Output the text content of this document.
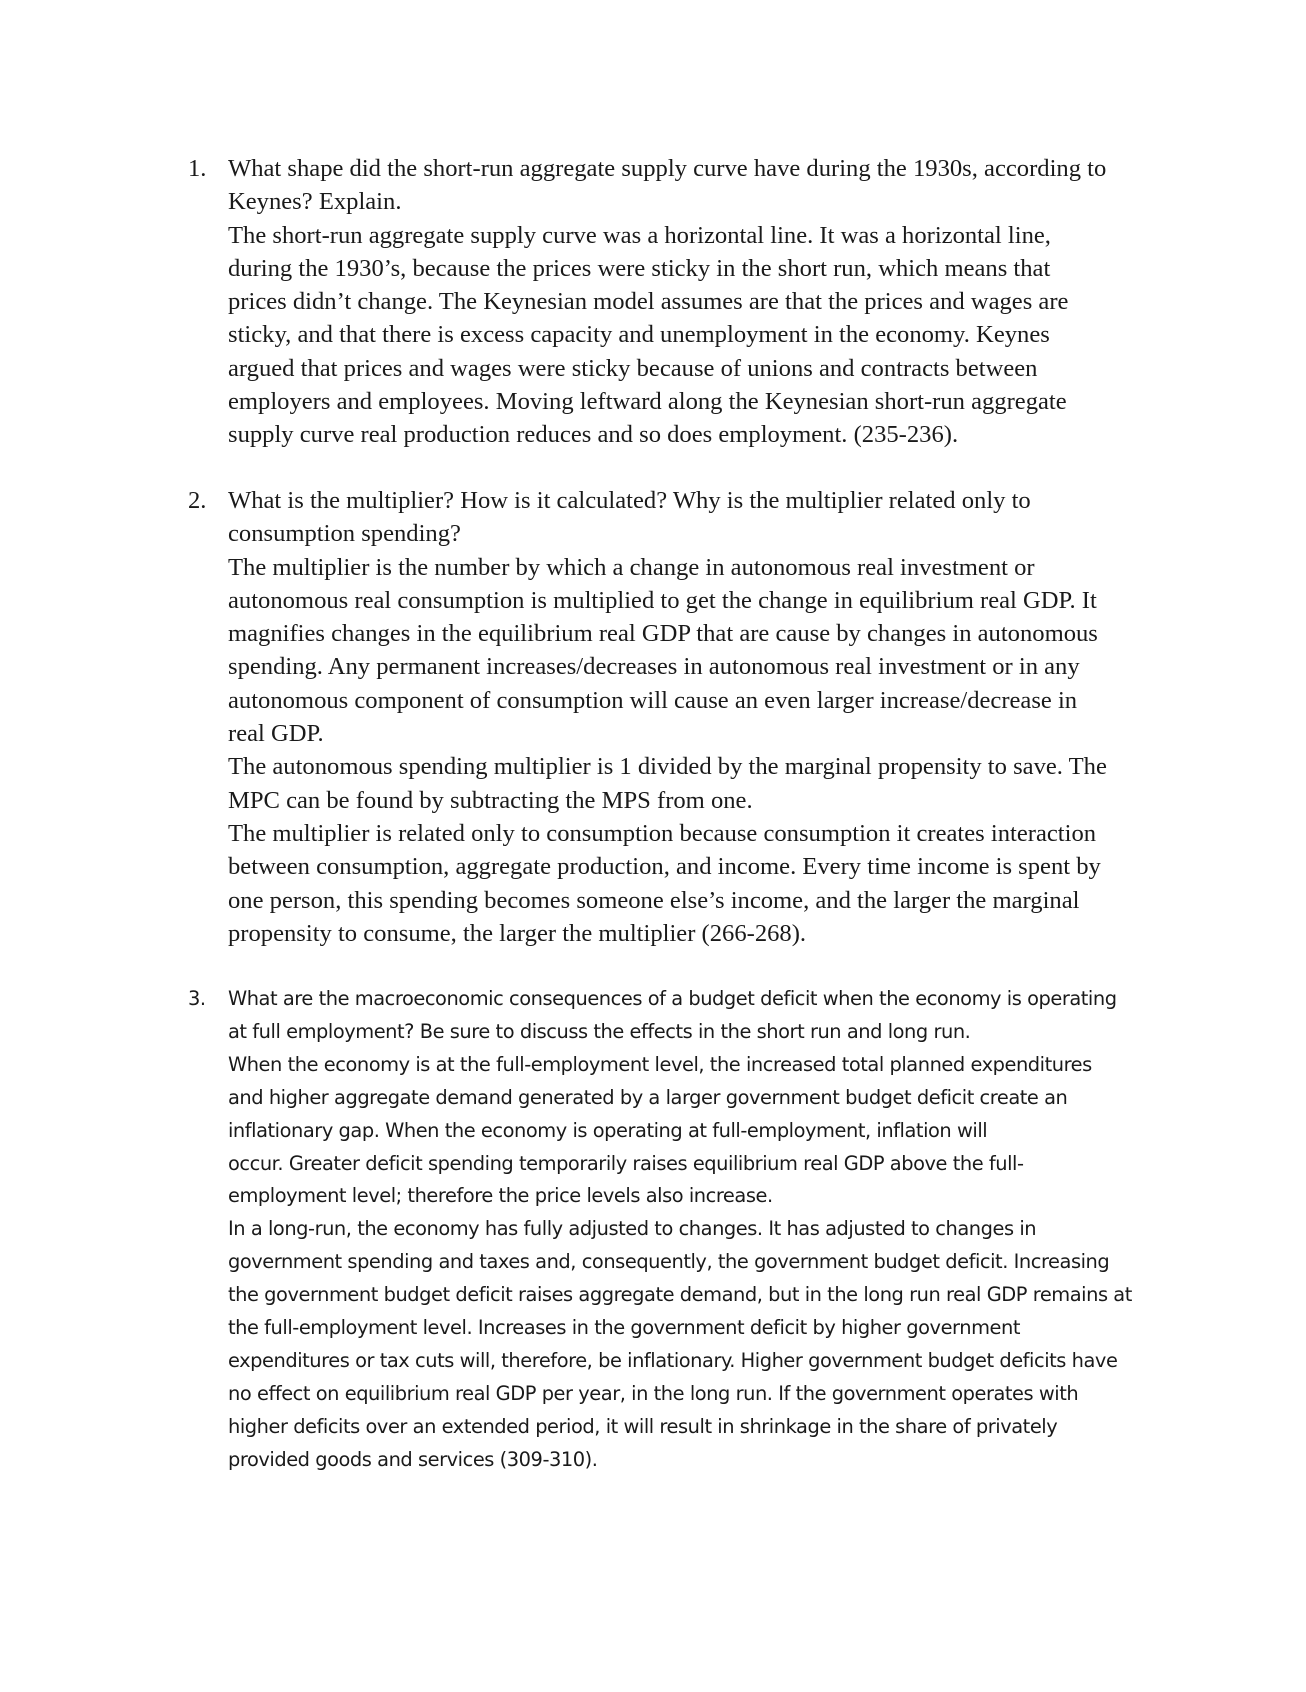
1. What shape did the short-run aggregate supply curve have during the 1930s, according to
Keynes? Explain.
The short-run aggregate supply curve was a horizontal line. It was a horizontal line,
during the 1930’s, because the prices were sticky in the short run, which means that
prices didn’t change. The Keynesian model assumes are that the prices and wages are
sticky, and that there is excess capacity and unemployment in the economy. Keynes
argued that prices and wages were sticky because of unions and contracts between
employers and employees. Moving leftward along the Keynesian short-run aggregate
supply curve real production reduces and so does employment. (235-236).
2. What is the multiplier? How is it calculated? Why is the multiplier related only to
consumption spending?
The multiplier is the number by which a change in autonomous real investment or
autonomous real consumption is multiplied to get the change in equilibrium real GDP. It
magnifies changes in the equilibrium real GDP that are cause by changes in autonomous
spending. Any permanent increases/decreases in autonomous real investment or in any
autonomous component of consumption will cause an even larger increase/decrease in
real GDP.
The autonomous spending multiplier is 1 divided by the marginal propensity to save. The
MPC can be found by subtracting the MPS from one.
The multiplier is related only to consumption because consumption it creates interaction
between consumption, aggregate production, and income. Every time income is spent by
one person, this spending becomes someone else’s income, and the larger the marginal
propensity to consume, the larger the multiplier (266-268).
3.	What are the macroeconomic consequences of a budget deficit when the economy is operating
at full employment? Be sure to discuss the effects in the short run and long run.
When the economy is at the full-employment level, the increased total planned expenditures
and higher aggregate demand generated by a larger government budget deficit create an
inflationary gap. When the economy is operating at full-employment, inflation will
occur. Greater deficit spending temporarily raises equilibrium real GDP above the full-
employment level; therefore the price levels also increase.
In a long-run, the economy has fully adjusted to changes. It has adjusted to changes in
government spending and taxes and, consequently, the government budget deficit. Increasing
the government budget deficit raises aggregate demand, but in the long run real GDP remains at
the full-employment level. Increases in the government deficit by higher government
expenditures or tax cuts will, therefore, be inflationary. Higher government budget deficits have
no effect on equilibrium real GDP per year, in the long run. If the government operates with
higher deficits over an extended period, it will result in shrinkage in the share of privately
provided goods and services (309-310).
